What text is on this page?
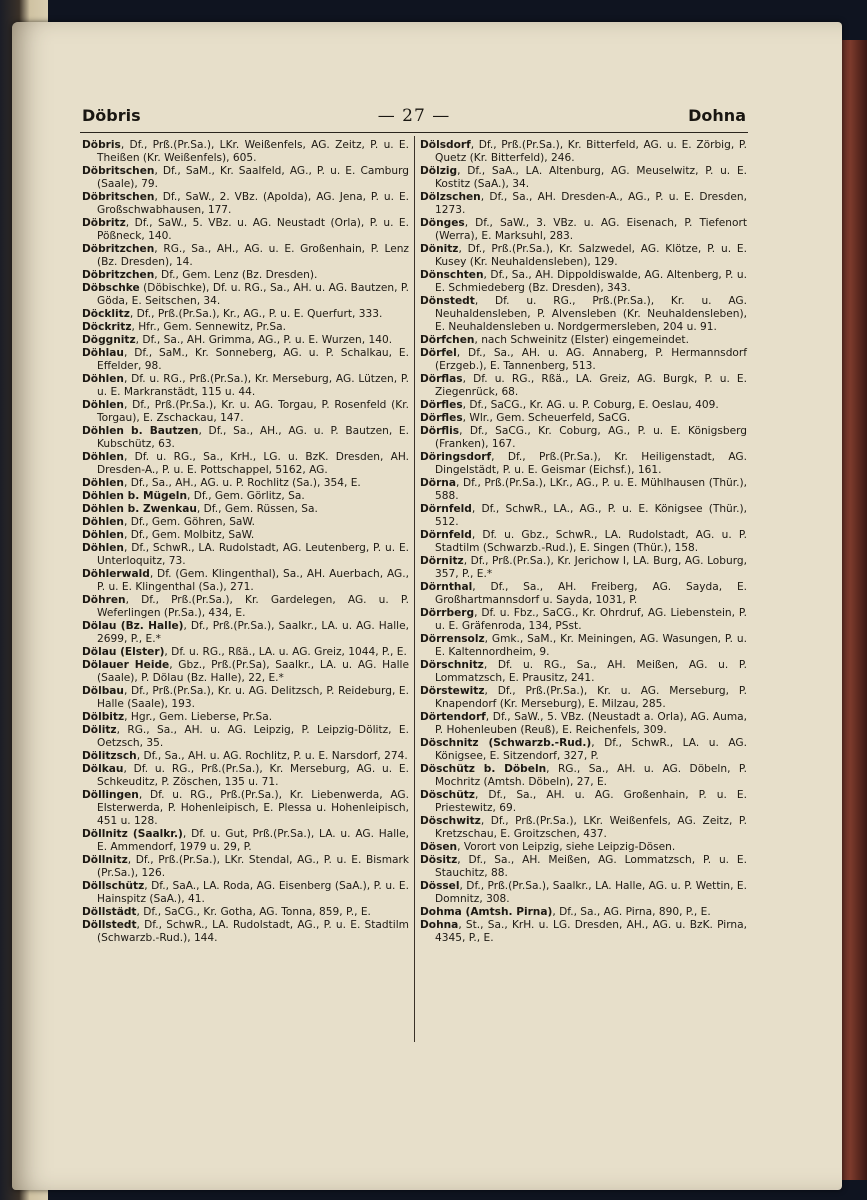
Döbris	— 27 —	Dohna

Döbris, Df., Prß.(Pr.Sa.), LKr. Weißenfels, AG. Zeitz, P. u. E. Theißen (Kr. Weißenfels), 605.

Döbritschen, Df., SaM., Kr. Saalfeld, AG., P. u. E. Camburg (Saale), 79.

Döbritschen, Df., SaW., 2. VBz. (Apolda), AG. Jena, P. u. E. Großschwabhausen, 177.

Döbritz, Df., SaW., 5. VBz. u. AG. Neustadt (Orla), P. u. E. Pößneck, 140.

Döbritzchen, RG., Sa., AH., AG. u. E. Großenhain, P. Lenz (Bz. Dresden), 14.

Döbritzchen, Df., Gem. Lenz (Bz. Dresden).

Döbschke (Döbischke), Df. u. RG., Sa., AH. u. AG. Bautzen, P. Göda, E. Seitschen, 34.

Döcklitz, Df., Prß.(Pr.Sa.), Kr., AG., P. u. E. Querfurt, 333.

Döckritz, Hfr., Gem. Sennewitz, Pr.Sa.

Döggnitz, Df., Sa., AH. Grimma, AG., P. u. E. Wurzen, 140.

Döhlau, Df., SaM., Kr. Sonneberg, AG. u. P. Schalkau, E. Effelder, 98.

Döhlen, Df. u. RG., Prß.(Pr.Sa.), Kr. Merseburg, AG. Lützen, P. u. E. Markranstädt, 115 u. 44.

Döhlen, Df., Prß.(Pr.Sa.), Kr. u. AG. Torgau, P. Rosenfeld (Kr. Torgau), E. Zschackau, 147.

Döhlen b. Bautzen, Df., Sa., AH., AG. u. P. Bautzen, E. Kubschütz, 63.

Döhlen, Df. u. RG., Sa., KrH., LG. u. BzK. Dresden, AH. Dresden-A., P. u. E. Pottschappel, 5162, AG.

Döhlen, Df., Sa., AH., AG. u. P. Rochlitz (Sa.), 354, E.

Döhlen b. Mügeln, Df., Gem. Görlitz, Sa.

Döhlen b. Zwenkau, Df., Gem. Rüssen, Sa.

Döhlen, Df., Gem. Göhren, SaW.

Döhlen, Df., Gem. Molbitz, SaW.

Döhlen, Df., SchwR., LA. Rudolstadt, AG. Leutenberg, P. u. E. Unterloquitz, 73.

Döhlerwald, Df. (Gem. Klingenthal), Sa., AH. Auerbach, AG., P. u. E. Klingenthal (Sa.), 271.

Döhren, Df., Prß.(Pr.Sa.), Kr. Gardelegen, AG. u. P. Weferlingen (Pr.Sa.), 434, E.

Dölau (Bz. Halle), Df., Prß.(Pr.Sa.), Saalkr., LA. u. AG. Halle, 2699, P., E.*

Dölau (Elster), Df. u. RG., Rßä., LA. u. AG. Greiz, 1044, P., E.

Dölauer Heide, Gbz., Prß.(Pr.Sa), Saalkr., LA. u. AG. Halle (Saale), P. Dölau (Bz. Halle), 22, E.*

Dölbau, Df., Prß.(Pr.Sa.), Kr. u. AG. Delitzsch, P. Reideburg, E. Halle (Saale), 193.

Dölbitz, Hgr., Gem. Lieberse, Pr.Sa.

Dölitz, RG., Sa., AH. u. AG. Leipzig, P. Leipzig-Dölitz, E. Oetzsch, 35.

Dölitzsch, Df., Sa., AH. u. AG. Rochlitz, P. u. E. Narsdorf, 274.

Dölkau, Df. u. RG., Prß.(Pr.Sa.), Kr. Merseburg, AG. u. E. Schkeuditz, P. Zöschen, 135 u. 71.

Döllingen, Df. u. RG., Prß.(Pr.Sa.), Kr. Liebenwerda, AG. Elsterwerda, P. Hohenleipisch, E. Plessa u. Hohenleipisch, 451 u. 128.

Döllnitz (Saalkr.), Df. u. Gut, Prß.(Pr.Sa.), LA. u. AG. Halle, E. Ammendorf, 1979 u. 29, P.

Döllnitz, Df., Prß.(Pr.Sa.), LKr. Stendal, AG., P. u. E. Bismark (Pr.Sa.), 126.

Döllschütz, Df., SaA., LA. Roda, AG. Eisenberg (SaA.), P. u. E. Hainspitz (SaA.), 41.

Döllstädt, Df., SaCG., Kr. Gotha, AG. Tonna, 859, P., E.

Döllstedt, Df., SchwR., LA. Rudolstadt, AG., P. u. E. Stadtilm (Schwarzb.-Rud.), 144.

Dölsdorf, Df., Prß.(Pr.Sa.), Kr. Bitterfeld, AG. u. E. Zörbig, P. Quetz (Kr. Bitterfeld), 246.

Dölzig, Df., SaA., LA. Altenburg, AG. Meuselwitz, P. u. E. Kostitz (SaA.), 34.

Dölzschen, Df., Sa., AH. Dresden-A., AG., P. u. E. Dresden, 1273.

Dönges, Df., SaW., 3. VBz. u. AG. Eisenach, P. Tiefenort (Werra), E. Marksuhl, 283.

Dönitz, Df., Prß.(Pr.Sa.), Kr. Salzwedel, AG. Klötze, P. u. E. Kusey (Kr. Neuhaldensleben), 129.

Dönschten, Df., Sa., AH. Dippoldiswalde, AG. Altenberg, P. u. E. Schmiedeberg (Bz. Dresden), 343.

Dönstedt, Df. u. RG., Prß.(Pr.Sa.), Kr. u. AG. Neuhaldensleben, P. Alvensleben (Kr. Neuhaldensleben), E. Neuhaldensleben u. Nordgermersleben, 204 u. 91.

Dörfchen, nach Schweinitz (Elster) eingemeindet.

Dörfel, Df., Sa., AH. u. AG. Annaberg, P. Hermannsdorf (Erzgeb.), E. Tannenberg, 513.

Dörflas, Df. u. RG., Rßä., LA. Greiz, AG. Burgk, P. u. E. Ziegenrück, 68.

Dörfles, Df., SaCG., Kr. AG. u. P. Coburg, E. Oeslau, 409.

Dörfles, Wlr., Gem. Scheuerfeld, SaCG.

Dörflis, Df., SaCG., Kr. Coburg, AG., P. u. E. Königsberg (Franken), 167.

Döringsdorf, Df., Prß.(Pr.Sa.), Kr. Heiligenstadt, AG. Dingelstädt, P. u. E. Geismar (Eichsf.), 161.

Dörna, Df., Prß.(Pr.Sa.), LKr., AG., P. u. E. Mühlhausen (Thür.), 588.

Dörnfeld, Df., SchwR., LA., AG., P. u. E. Königsee (Thür.), 512.

Dörnfeld, Df. u. Gbz., SchwR., LA. Rudolstadt, AG. u. P. Stadtilm (Schwarzb.-Rud.), E. Singen (Thür.), 158.

Dörnitz, Df., Prß.(Pr.Sa.), Kr. Jerichow I, LA. Burg, AG. Loburg, 357, P., E.*

Dörnthal, Df., Sa., AH. Freiberg, AG. Sayda, E. Großhartmannsdorf u. Sayda, 1031, P.

Dörrberg, Df. u. Fbz., SaCG., Kr. Ohrdruf, AG. Liebenstein, P. u. E. Gräfenroda, 134, PSst.

Dörrensolz, Gmk., SaM., Kr. Meiningen, AG. Wasungen, P. u. E. Kaltennordheim, 9.

Dörschnitz, Df. u. RG., Sa., AH. Meißen, AG. u. P. Lommatzsch, E. Prausitz, 241.

Dörstewitz, Df., Prß.(Pr.Sa.), Kr. u. AG. Merseburg, P. Knapendorf (Kr. Merseburg), E. Milzau, 285.

Dörtendorf, Df., SaW., 5. VBz. (Neustadt a. Orla), AG. Auma, P. Hohenleuben (Reuß), E. Reichenfels, 309.

Döschnitz (Schwarzb.-Rud.), Df., SchwR., LA. u. AG. Königsee, E. Sitzendorf, 327, P.

Döschütz b. Döbeln, RG., Sa., AH. u. AG. Döbeln, P. Mochritz (Amtsh. Döbeln), 27, E.

Döschütz, Df., Sa., AH. u. AG. Großenhain, P. u. E. Priestewitz, 69.

Döschwitz, Df., Prß.(Pr.Sa.), LKr. Weißenfels, AG. Zeitz, P. Kretzschau, E. Groitzschen, 437.

Dösen, Vorort von Leipzig, siehe Leipzig-Dösen.

Dösitz, Df., Sa., AH. Meißen, AG. Lommatzsch, P. u. E. Stauchitz, 88.

Dössel, Df., Prß.(Pr.Sa.), Saalkr., LA. Halle, AG. u. P. Wettin, E. Domnitz, 308.

Dohma (Amtsh. Pirna), Df., Sa., AG. Pirna, 890, P., E.

Dohna, St., Sa., KrH. u. LG. Dresden, AH., AG. u. BzK. Pirna, 4345, P., E.
